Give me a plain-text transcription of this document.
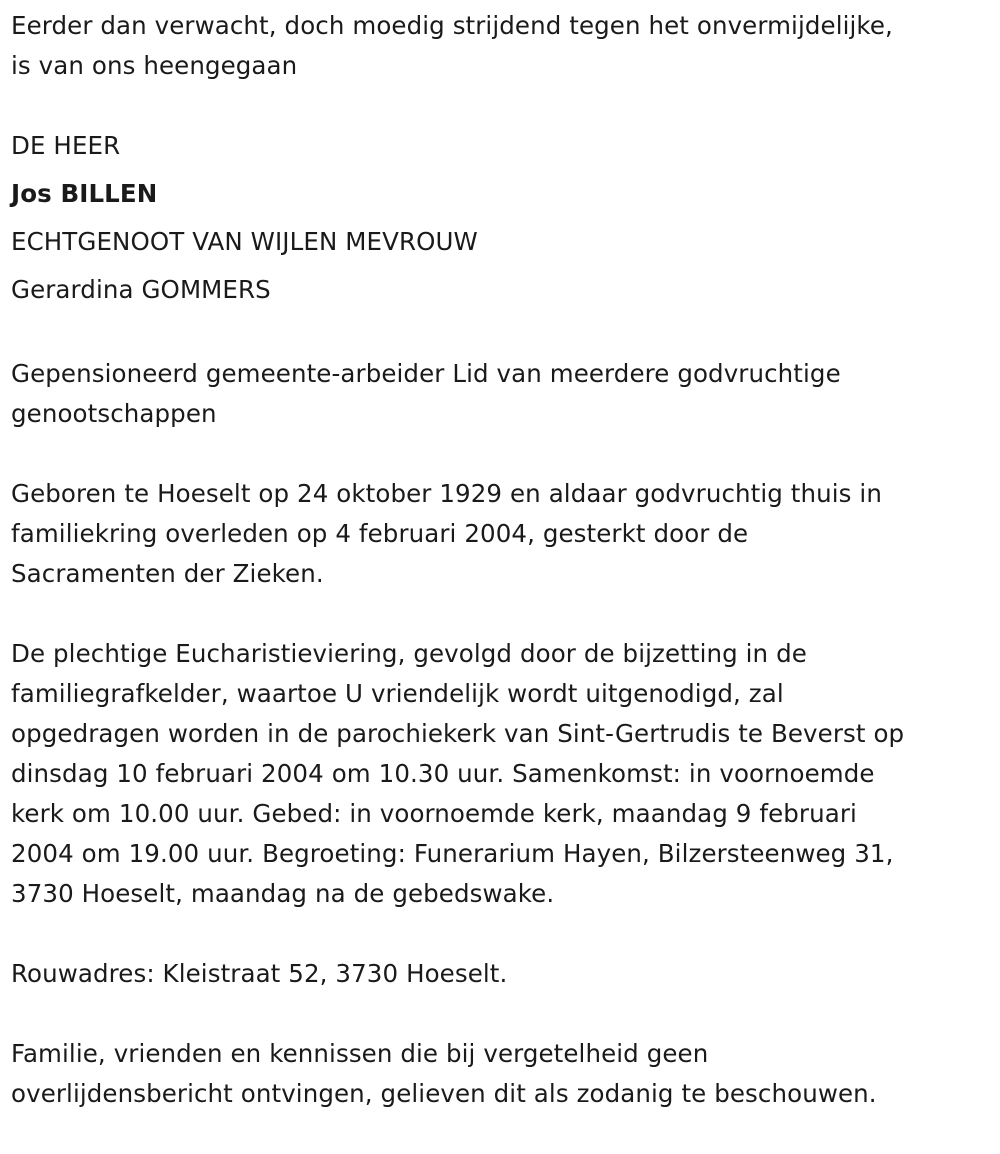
Eerder dan verwacht, doch moedig strijdend tegen het onvermijdelijke,
is van ons heengegaan
DE HEER
Jos BILLEN
ECHTGENOOT VAN WIJLEN MEVROUW
Gerardina GOMMERS
Gepensioneerd gemeente-arbeider Lid van meerdere godvruchtige
genootschappen
Geboren te Hoeselt op 24 oktober 1929 en aldaar godvruchtig thuis in
familiekring overleden op 4 februari 2004, gesterkt door de
Sacramenten der Zieken.
De plechtige Eucharistieviering, gevolgd door de bijzetting in de
familiegrafkelder, waartoe U vriendelijk wordt uitgenodigd, zal
opgedragen worden in de parochiekerk van Sint-Gertrudis te Beverst op
dinsdag 10 februari 2004 om 10.30 uur. Samenkomst: in voornoemde
kerk om 10.00 uur. Gebed: in voornoemde kerk, maandag 9 februari
2004 om 19.00 uur. Begroeting: Funerarium Hayen, Bilzersteenweg 31,
3730 Hoeselt, maandag na de gebedswake.
Rouwadres: Kleistraat 52, 3730 Hoeselt.
Familie, vrienden en kennissen die bij vergetelheid geen
overlijdensbericht ontvingen, gelieven dit als zodanig te beschouwen.
